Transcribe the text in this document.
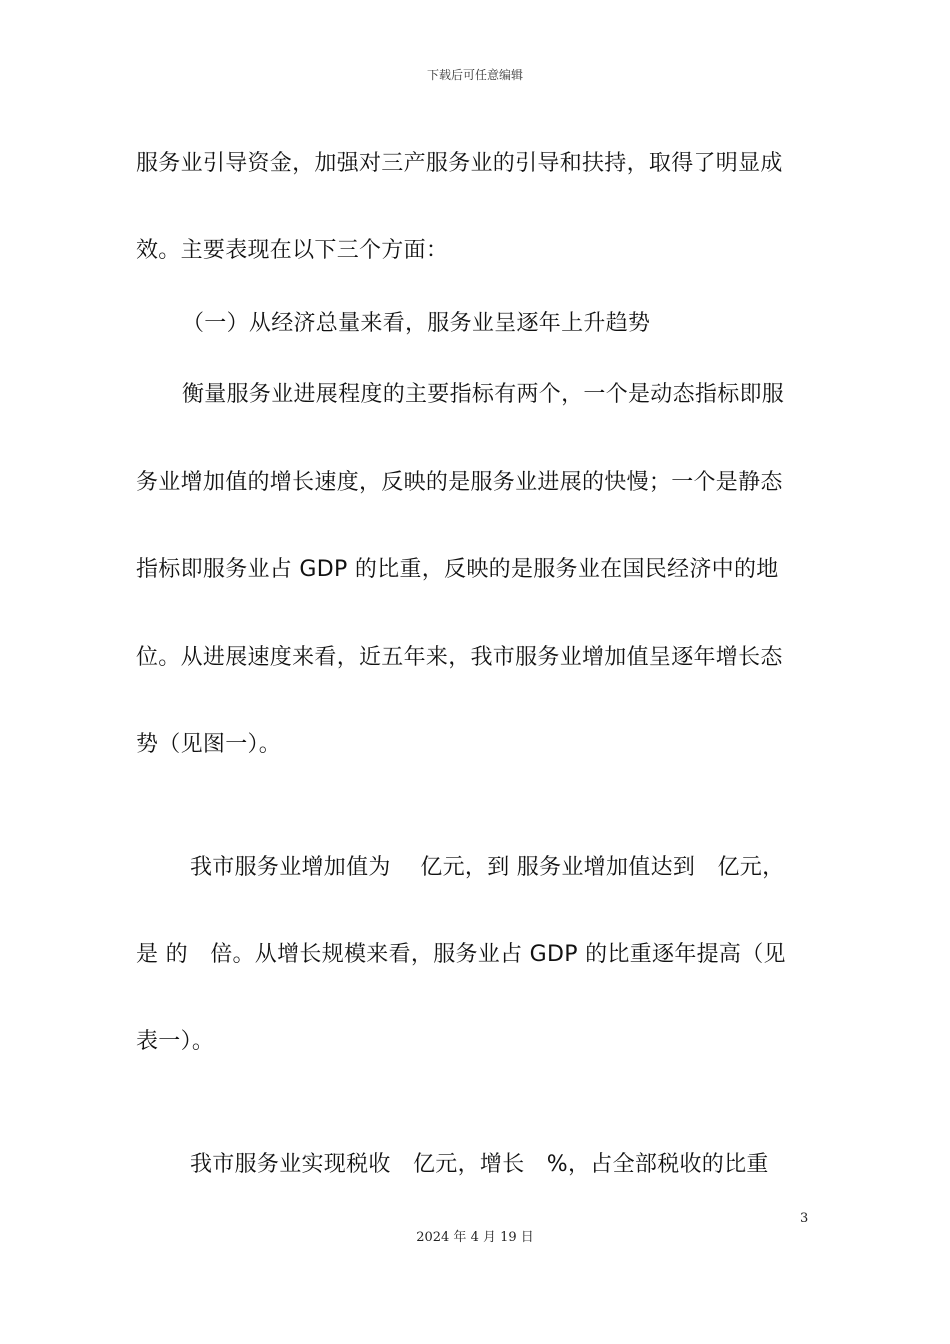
下载后可任意编辑
服务业引导资金，加强对三产服务业的引导和扶持，取得了明显成
效。主要表现在以下三个方面：
（一）从经济总量来看，服务业呈逐年上升趋势
衡量服务业进展程度的主要指标有两个，一个是动态指标即服
务业增加值的增长速度，反映的是服务业进展的快慢；一个是静态
指标即服务业占 GDP 的比重，反映的是服务业在国民经济中的地
位。从进展速度来看，近五年来，我市服务业增加值呈逐年增长态
势（见图一）。
我市服务业增加值为　 亿元，到 服务业增加值达到　亿元，
是 的　倍。从增长规模来看，服务业占 GDP 的比重逐年提高（见
表一）。
我市服务业实现税收　亿元，增长　%，占全部税收的比重
3
2024 年 4 月 19 日
